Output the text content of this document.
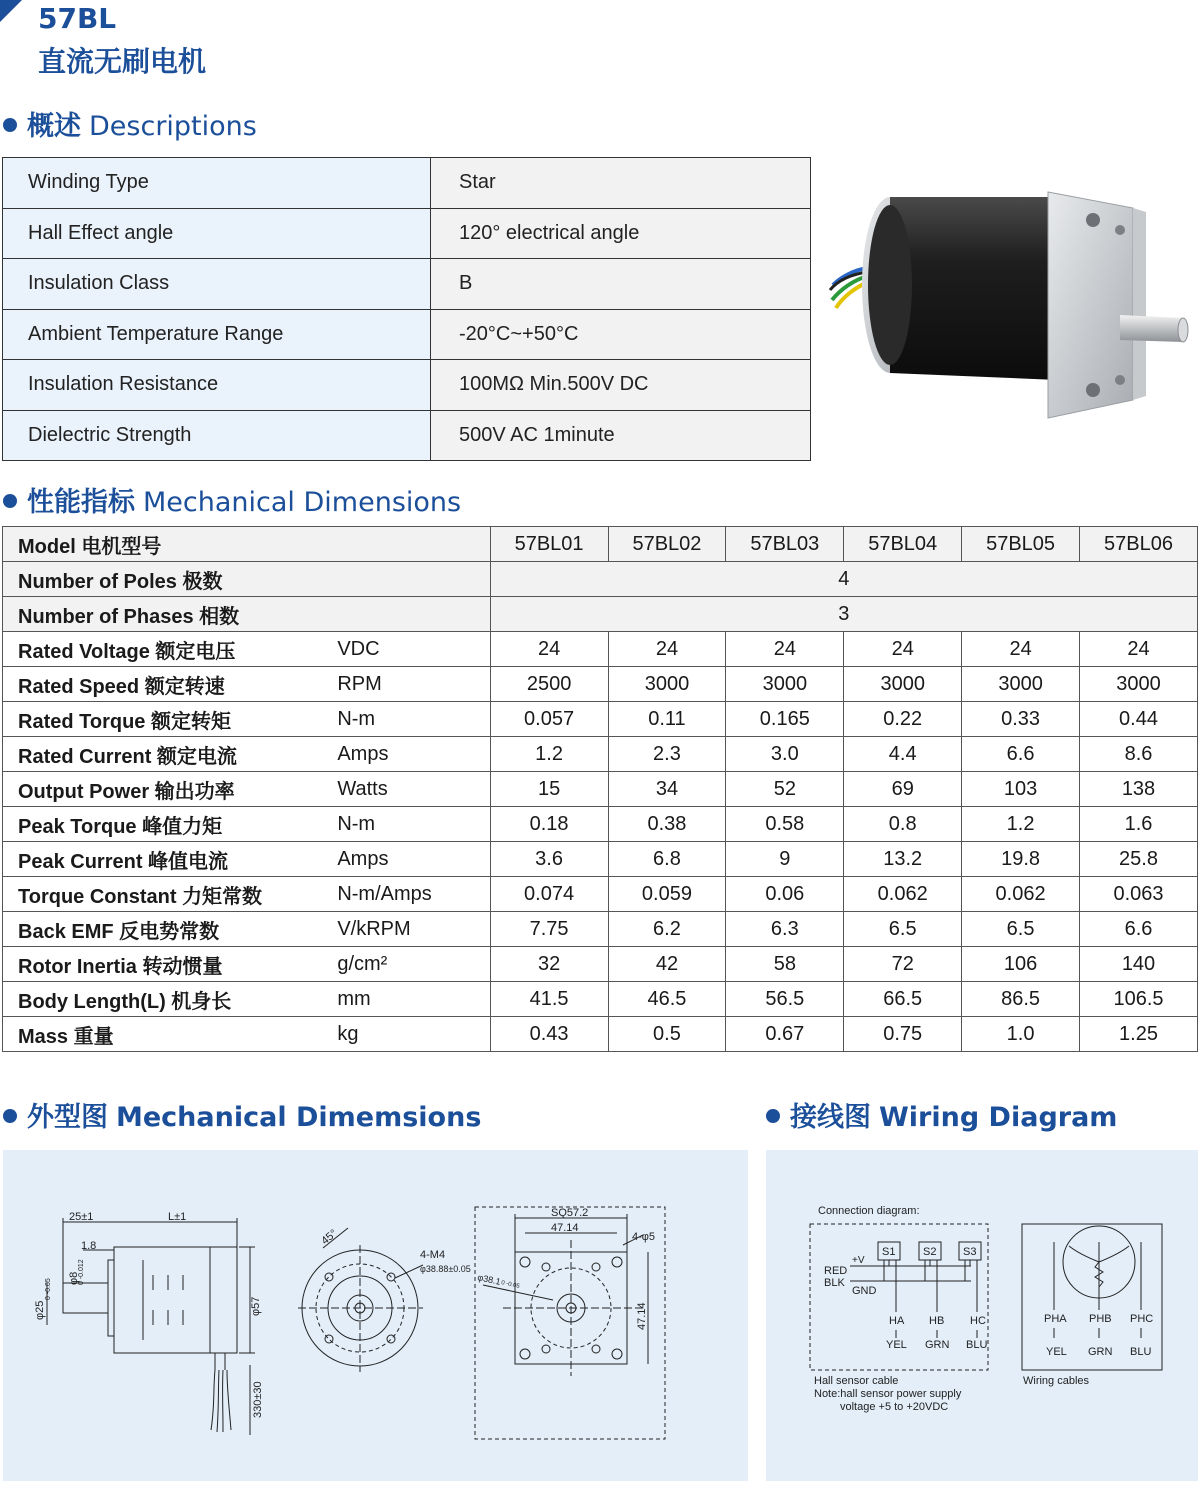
57BL
直流无刷电机
概述 Descriptions
Winding Type	Star
Hall Effect angle	120° electrical angle
Insulation Class	B
Ambient Temperature Range	-20°C~+50°C
Insulation Resistance	100MΩ Min.500V DC
Dielectric Strength	500V AC 1minute
性能指标 Mechanical Dimensions
Model 电机型号		57BL01	57BL02	57BL03	57BL04	57BL05	57BL06
Number of Poles 极数		4					
Number of Phases 相数		3					
Rated Voltage 额定电压	VDC	24	24	24	24	24	24
Rated Speed 额定转速	RPM	2500	3000	3000	3000	3000	3000
Rated Torque 额定转矩	N-m	0.057	0.11	0.165	0.22	0.33	0.44
Rated Current 额定电流	Amps	1.2	2.3	3.0	4.4	6.6	8.6
Output Power 输出功率	Watts	15	34	52	69	103	138
Peak Torque 峰值力矩	N-m	0.18	0.38	0.58	0.8	1.2	1.6
Peak Current 峰值电流	Amps	3.6	6.8	9	13.2	19.8	25.8
Torque Constant 力矩常数	N-m/Amps	0.074	0.059	0.06	0.062	0.062	0.063
Back EMF 反电势常数	V/kRPM	7.75	6.2	6.3	6.5	6.5	6.6
Rotor Inertia 转动惯量	g/cm²	32	42	58	72	106	140
Body Length(L) 机身长	mm	41.5	46.5	56.5	66.5	86.5	106.5
Mass 重量	kg	0.43	0.5	0.67	0.75	1.0	1.25
外型图 Mechanical Dimemsions	接线图 Wiring Diagram
25±1	L±1
1.8
φ8
0 -0.012
φ25
0 -0.05
φ57
330±30
45°
4-M4
φ38.88±0.05
SQ57.2
47.14
4-φ5
φ38.1 0 -0.05
47.14
Connection diagram:
+V
RED
BLK
GND
S1	S2 S3
HA HB HC
YEL GRN BLU
PHA PHB PHC
YEL GRN BLU
Hall sensor cable
Note:hall sensor power supply
voltage +5 to +20VDC
Wiring cables
